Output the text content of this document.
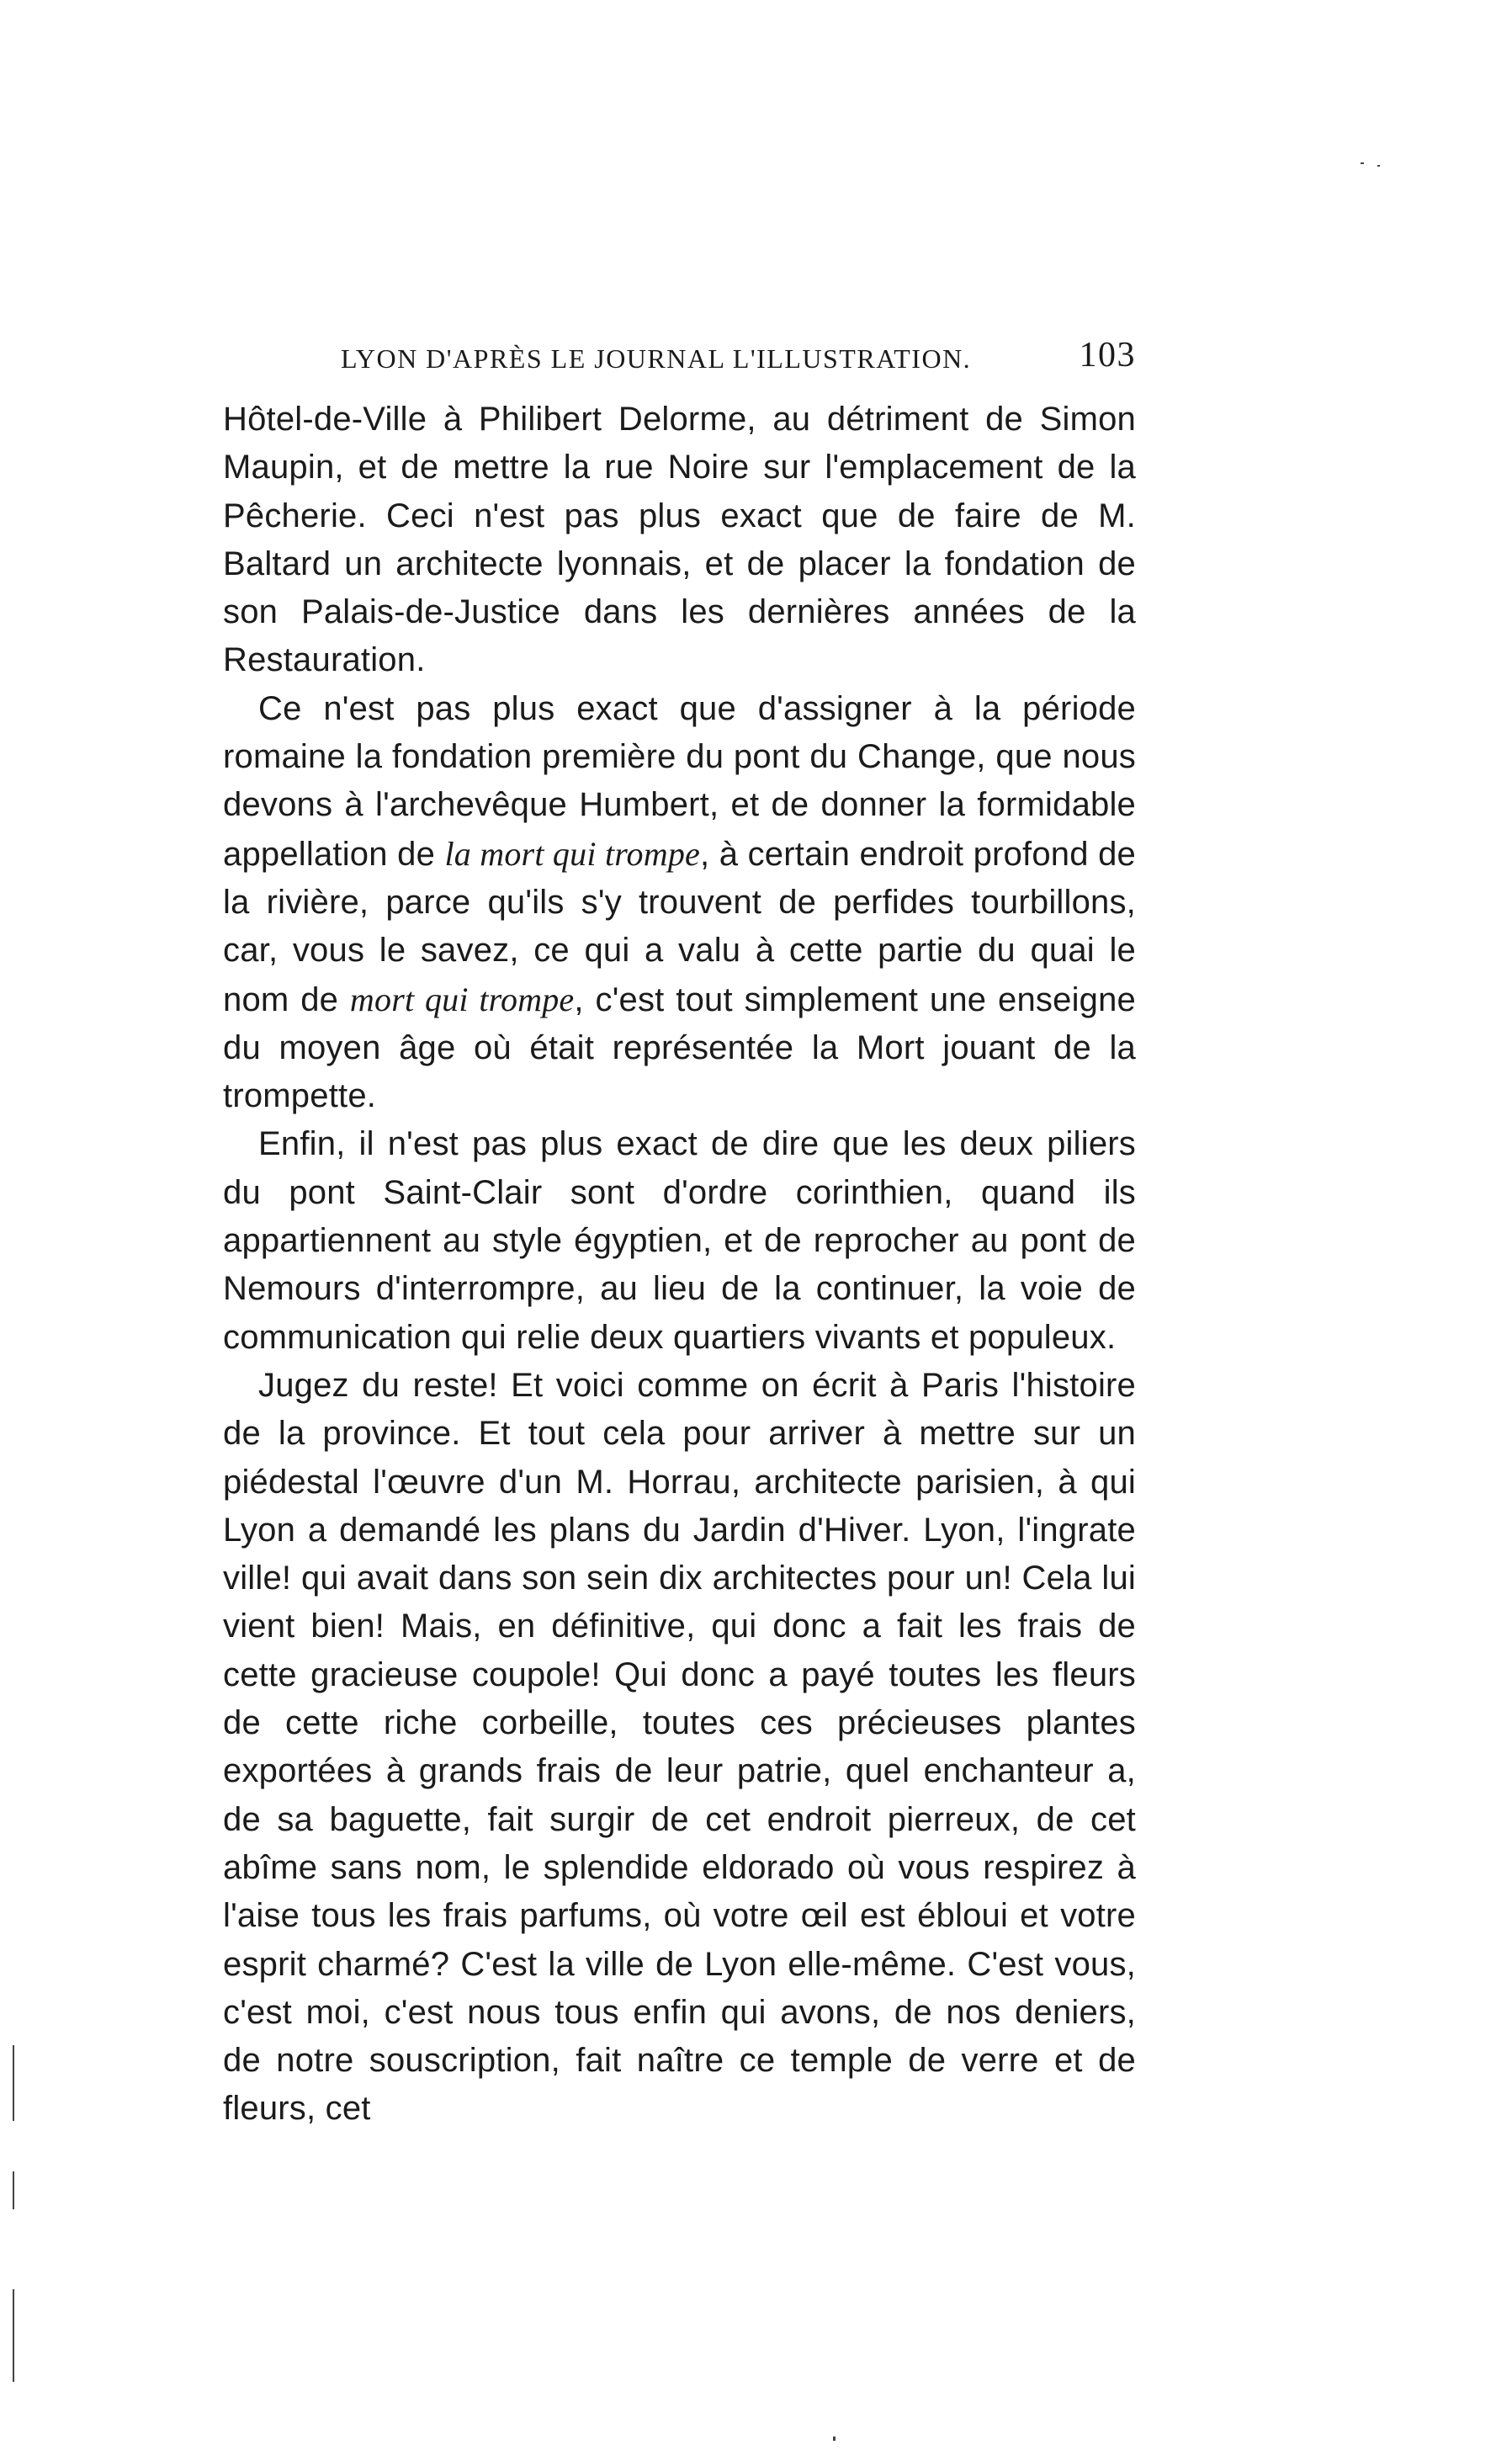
LYON D'APRÈS LE JOURNAL L'ILLUSTRATION.	103

Hôtel-de-Ville à Philibert Delorme, au détriment de Simon Maupin, et de mettre la rue Noire sur l'emplacement de la Pêcherie. Ceci n'est pas plus exact que de faire de M. Baltard un architecte lyonnais, et de placer la fondation de son Palais-de-Justice dans les dernières années de la Restauration.

Ce n'est pas plus exact que d'assigner à la période romaine la fondation première du pont du Change, que nous devons à l'archevêque Humbert, et de donner la formidable appellation de la mort qui trompe, à certain endroit profond de la rivière, parce qu'ils s'y trouvent de perfides tourbillons, car, vous le savez, ce qui a valu à cette partie du quai le nom de mort qui trompe, c'est tout simplement une enseigne du moyen âge où était représentée la Mort jouant de la trompette.

Enfin, il n'est pas plus exact de dire que les deux piliers du pont Saint-Clair sont d'ordre corinthien, quand ils appartiennent au style égyptien, et de reprocher au pont de Nemours d'interrompre, au lieu de la continuer, la voie de communication qui relie deux quartiers vivants et populeux.

Jugez du reste! Et voici comme on écrit à Paris l'histoire de la province. Et tout cela pour arriver à mettre sur un piédestal l'œuvre d'un M. Horrau, architecte parisien, à qui Lyon a demandé les plans du Jardin d'Hiver. Lyon, l'ingrate ville! qui avait dans son sein dix architectes pour un! Cela lui vient bien! Mais, en définitive, qui donc a fait les frais de cette gracieuse coupole! Qui donc a payé toutes les fleurs de cette riche corbeille, toutes ces précieuses plantes exportées à grands frais de leur patrie, quel enchanteur a, de sa baguette, fait surgir de cet endroit pierreux, de cet abîme sans nom, le splendide eldorado où vous respirez à l'aise tous les frais parfums, où votre œil est ébloui et votre esprit charmé? C'est la ville de Lyon elle-même. C'est vous, c'est moi, c'est nous tous enfin qui avons, de nos deniers, de notre souscription, fait naître ce temple de verre et de fleurs, cet
